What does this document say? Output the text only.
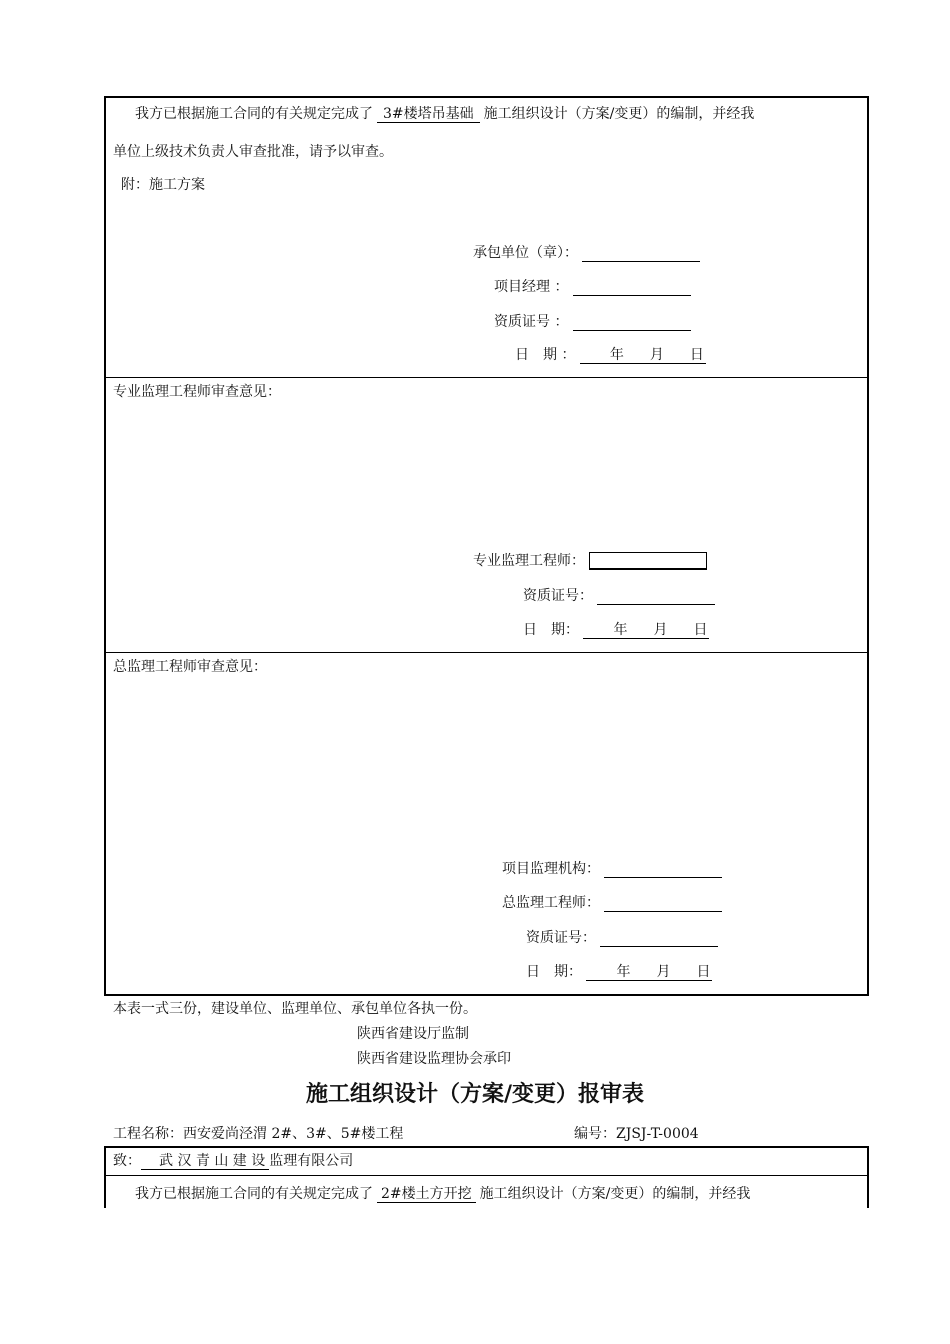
我方已根据施工合同的有关规定完成了 3#楼塔吊基础 施工组织设计（方案/变更）的编制，并经我
单位上级技术负责人审查批准，请予以审查。
附：施工方案
承包单位（章）：
项目经理 ：
资质证号 ：
日　期 ： 年 月 日
专业监理工程师审查意见：
专业监理工程师：
资质证号：
日　期： 年 月 日
总监理工程师审查意见：
项目监理机构：
总监理工程师：
资质证号：
日　期： 年 月 日
本表一式三份，建设单位、监理单位、承包单位各执一份。
陕西省建设厅监制
陕西省建设监理协会承印
施工组织设计（方案/变更）报审表
工程名称：西安爱尚泾渭 2#、3#、5#楼工程	编号：ZJSJ-T-0004
致： 武 汉 青 山 建 设 监理有限公司
我方已根据施工合同的有关规定完成了 2#楼土方开挖 施工组织设计（方案/变更）的编制，并经我
